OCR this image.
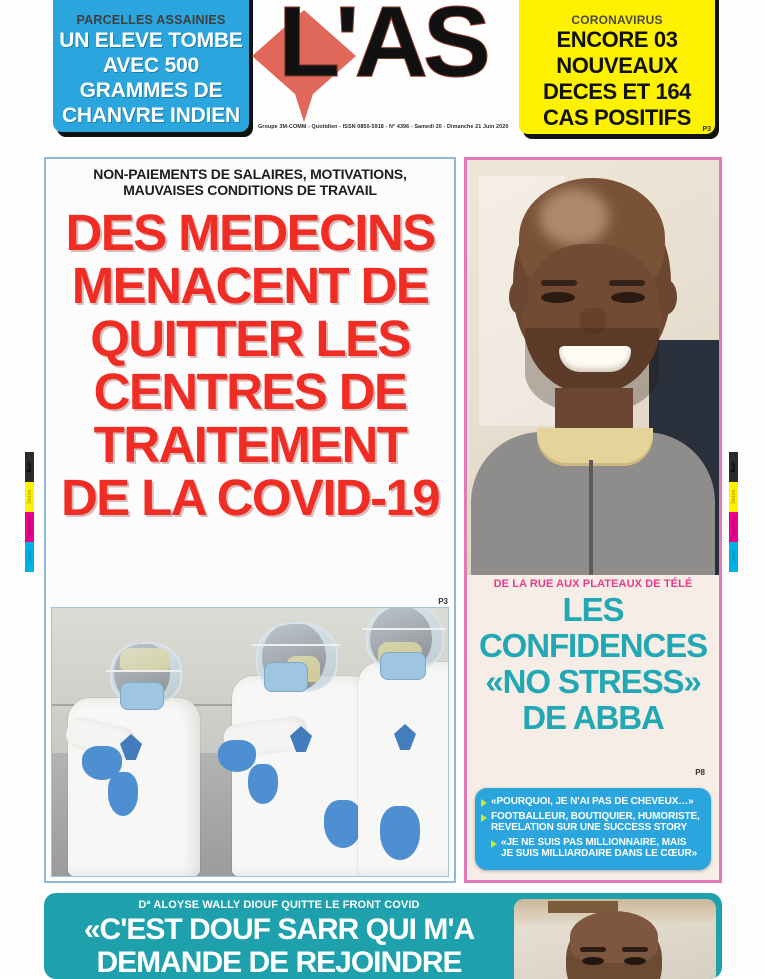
Cyan
Magenta
Jaune
Noir
Cyan
Magenta
Jaune
Noir
PARCELLES ASSAINIES
UN ELEVE TOMBE
AVEC 500
GRAMMES DE
CHANVRE INDIEN
L'AS
Groupe 3M-COMM - Quotidien - ISSN 0850-5918 - N° 4396 - Samedi 20 - Dimanche 21 Juin 2020
CORONAVIRUS
ENCORE 03
NOUVEAUX
DECES ET 164
CAS POSITIFS P3
NON-PAIEMENTS DE SALAIRES, MOTIVATIONS,
MAUVAISES CONDITIONS DE TRAVAIL
DES MEDECINS
MENACENT DE
QUITTER LES
CENTRES DE
TRAITEMENT
DE LA COVID-19
P3
DE LA RUE AUX PLATEAUX DE TÉLÉ
LES
CONFIDENCES
«NO STRESS»
DE ABBA
P8
«POURQUOI, JE N'AI PAS DE CHEVEUX…»
FOOTBALLEUR, BOUTIQUIER, HUMORISTE,
REVELATION SUR UNE SUCCESS STORY
«JE NE SUIS PAS MILLIONNAIRE, MAIS
JE SUIS MILLIARDAIRE DANS LE CŒUR»
Dª ALOYSE WALLY DIOUF QUITTE LE FRONT COVID
«C'EST DOUF SARR QUI M'A
DEMANDE DE REJOINDRE
